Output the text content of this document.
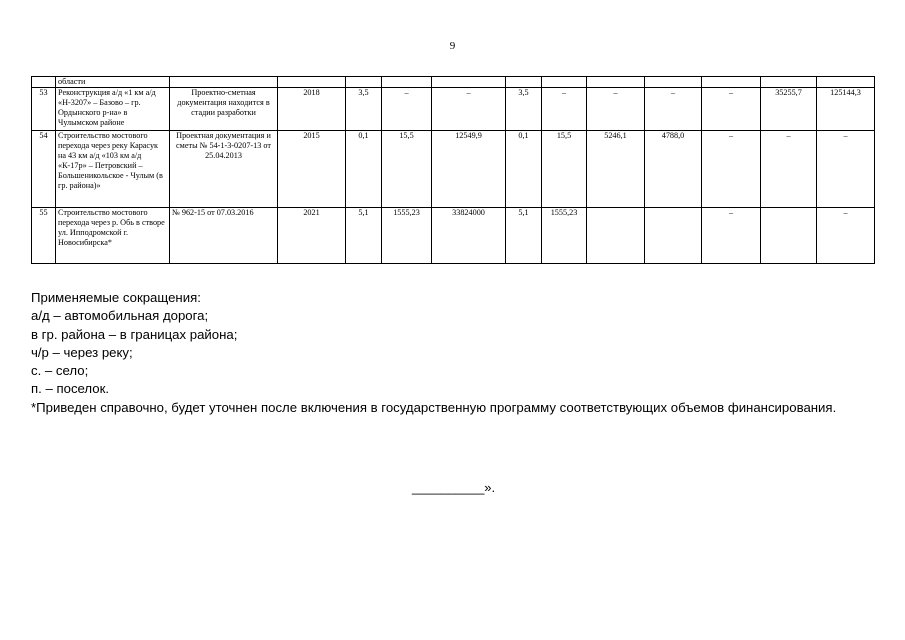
9
	области												
53	Реконструкция а/д «1 км а/д «Н-3207» – Базово – гр. Ордынского р-на» в Чулымском районе	Проектно-сметная документация находится в стадии разработки	2018	3,5	–	–	3,5	–	–	–	–	35255,7	125144,3
54	Строительство мостового перехода через реку Карасук на 43 км а/д «103 км а/д «К-17р» – Петровский – Большеникольское - Чулым (в гр. района)»	Проектная документация и сметы № 54-1-3-0207-13 от 25.04.2013	2015	0,1	15,5	12549,9	0,1	15,5	5246,1	4788,0	–	–	–
55	Строительство мостового перехода через р. Обь в створе ул. Ипподромской г. Новосибирска*	№ 962-15 от 07.03.2016	2021	5,1	1555,23	33824000	5,1	1555,23			–		–
Применяемые сокращения:
а/д – автомобильная дорога;
в гр. района – в границах района;
ч/р – через реку;
с. – село;
п. – поселок.
*Приведен справочно, будет уточнен после включения в государственную программу соответствующих объемов финансирования.
__________».
